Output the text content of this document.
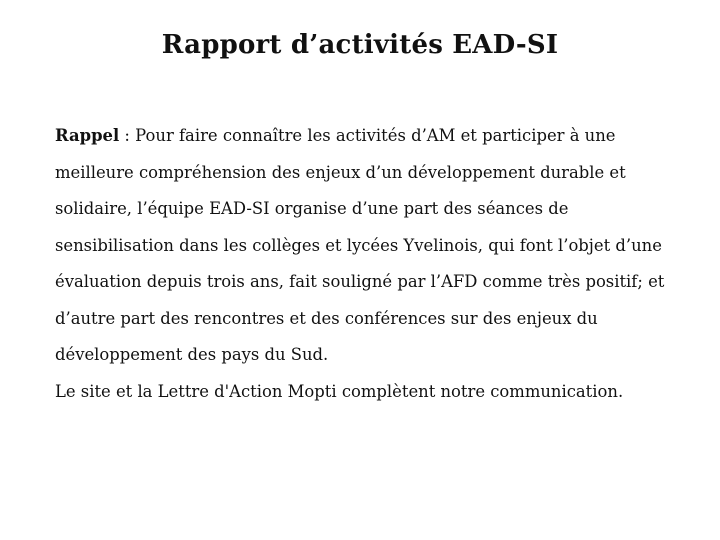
Rapport d’activités EAD-SI

Rappel : Pour faire connaître les activités d’AM et participer à une meilleure compréhension des enjeux d’un développement durable et solidaire, l’équipe EAD-SI organise d’une part des séances de sensibilisation dans les collèges et lycées Yvelinois, qui font l’objet d’une évaluation depuis trois ans, fait souligné par l’AFD comme très positif; et d’autre part des rencontres et des conférences sur des enjeux du développement des pays du Sud.

Le site et la Lettre d'Action Mopti complètent notre communication.
